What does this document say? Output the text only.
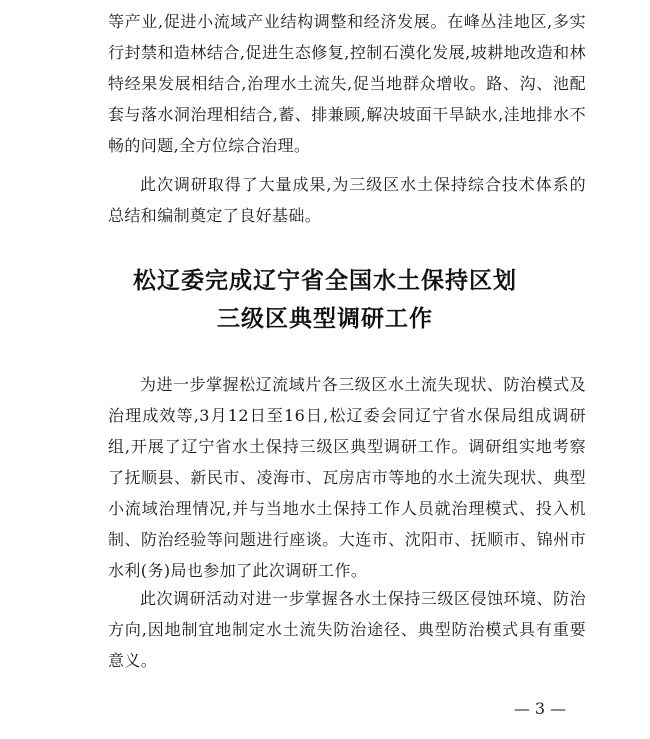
等产业,促进小流域产业结构调整和经济发展。在峰丛洼地区,多实行封禁和造林结合,促进生态修复,控制石漠化发展,坡耕地改造和林特经果发展相结合,治理水土流失,促当地群众增收。路、沟、池配套与落水洞治理相结合,蓄、排兼顾,解决坡面干旱缺水,洼地排水不畅的问题,全方位综合治理。

此次调研取得了大量成果,为三级区水土保持综合技术体系的总结和编制奠定了良好基础。

松辽委完成辽宁省全国水土保持区划
三级区典型调研工作

为进一步掌握松辽流域片各三级区水土流失现状、防治模式及治理成效等,3月12日至16日,松辽委会同辽宁省水保局组成调研组,开展了辽宁省水土保持三级区典型调研工作。调研组实地考察了抚顺县、新民市、凌海市、瓦房店市等地的水土流失现状、典型小流域治理情况,并与当地水土保持工作人员就治理模式、投入机制、防治经验等问题进行座谈。大连市、沈阳市、抚顺市、锦州市水利(务)局也参加了此次调研工作。

此次调研活动对进一步掌握各水土保持三级区侵蚀环境、防治方向,因地制宜地制定水土流失防治途径、典型防治模式具有重要意义。

— 3 —
